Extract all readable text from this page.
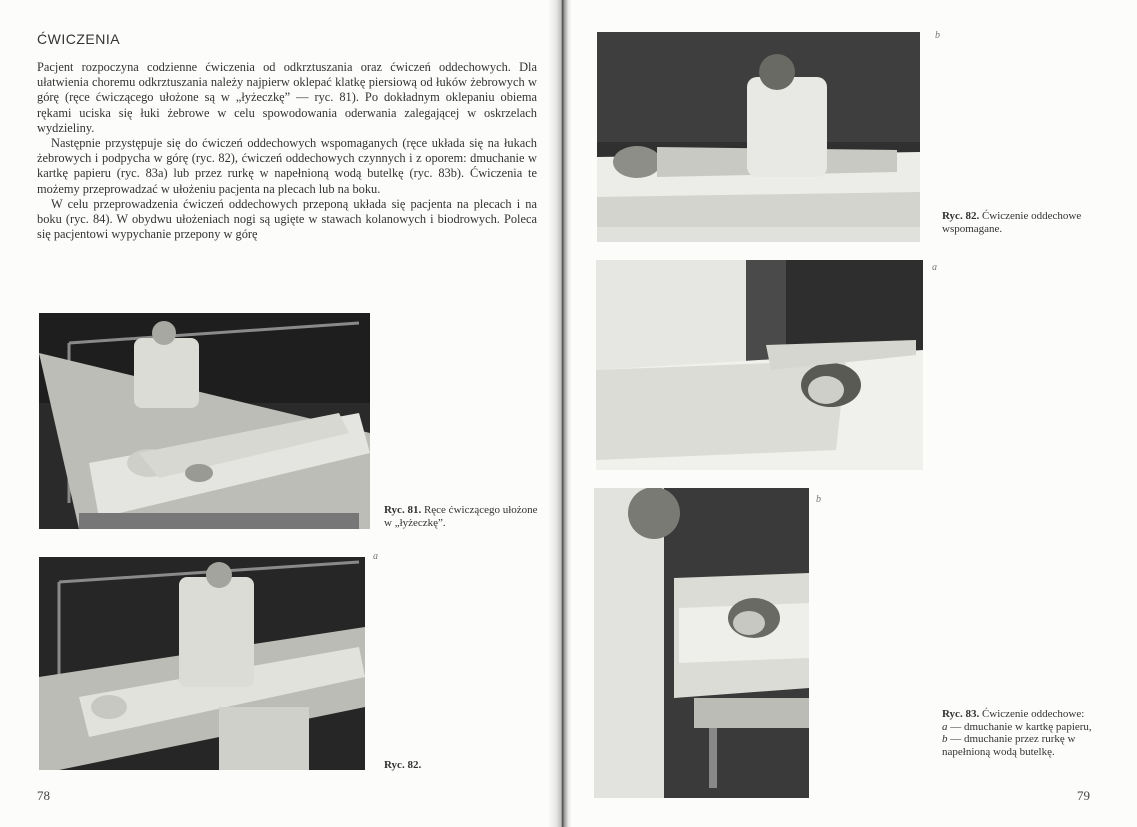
ĆWICZENIA

Pacjent rozpoczyna codzienne ćwiczenia od odkrztuszania oraz ćwiczeń oddechowych. Dla ułatwienia choremu odkrztuszania należy najpierw oklepać klatkę piersiową od łuków żebrowych w górę (ręce ćwiczącego ułożone są w „łyżeczkę” — ryc. 81). Po dokładnym oklepaniu obiema rękami uciska się łuki żebrowe w celu spowodowania oderwania zalegającej w oskrzelach wydzieliny.

Następnie przystępuje się do ćwiczeń oddechowych wspomaganych (ręce układa się na łukach żebrowych i podpycha w górę (ryc. 82), ćwiczeń oddechowych czynnych i z oporem: dmuchanie w kartkę papieru (ryc. 83a) lub przez rurkę w napełnioną wodą butelkę (ryc. 83b). Ćwiczenia te możemy przeprowadzać w ułożeniu pacjenta na plecach lub na boku.

W celu przeprowadzenia ćwiczeń oddechowych przeponą układa się pacjenta na plecach i na boku (ryc. 84). W obydwu ułożeniach nogi są ugięte w stawach kolanowych i biodrowych. Poleca się pacjentowi wypychanie przepony w górę

Ryc. 81. Ręce ćwiczącego ułożone w „łyżeczkę”.
a
Ryc. 82.
78
b
Ryc. 82. Ćwiczenie oddechowe wspomagane.
a
b
Ryc. 83. Ćwiczenie oddechowe: a — dmuchanie w kartkę papieru, b — dmuchanie przez rurkę w napełnioną wodą butelkę.
79
